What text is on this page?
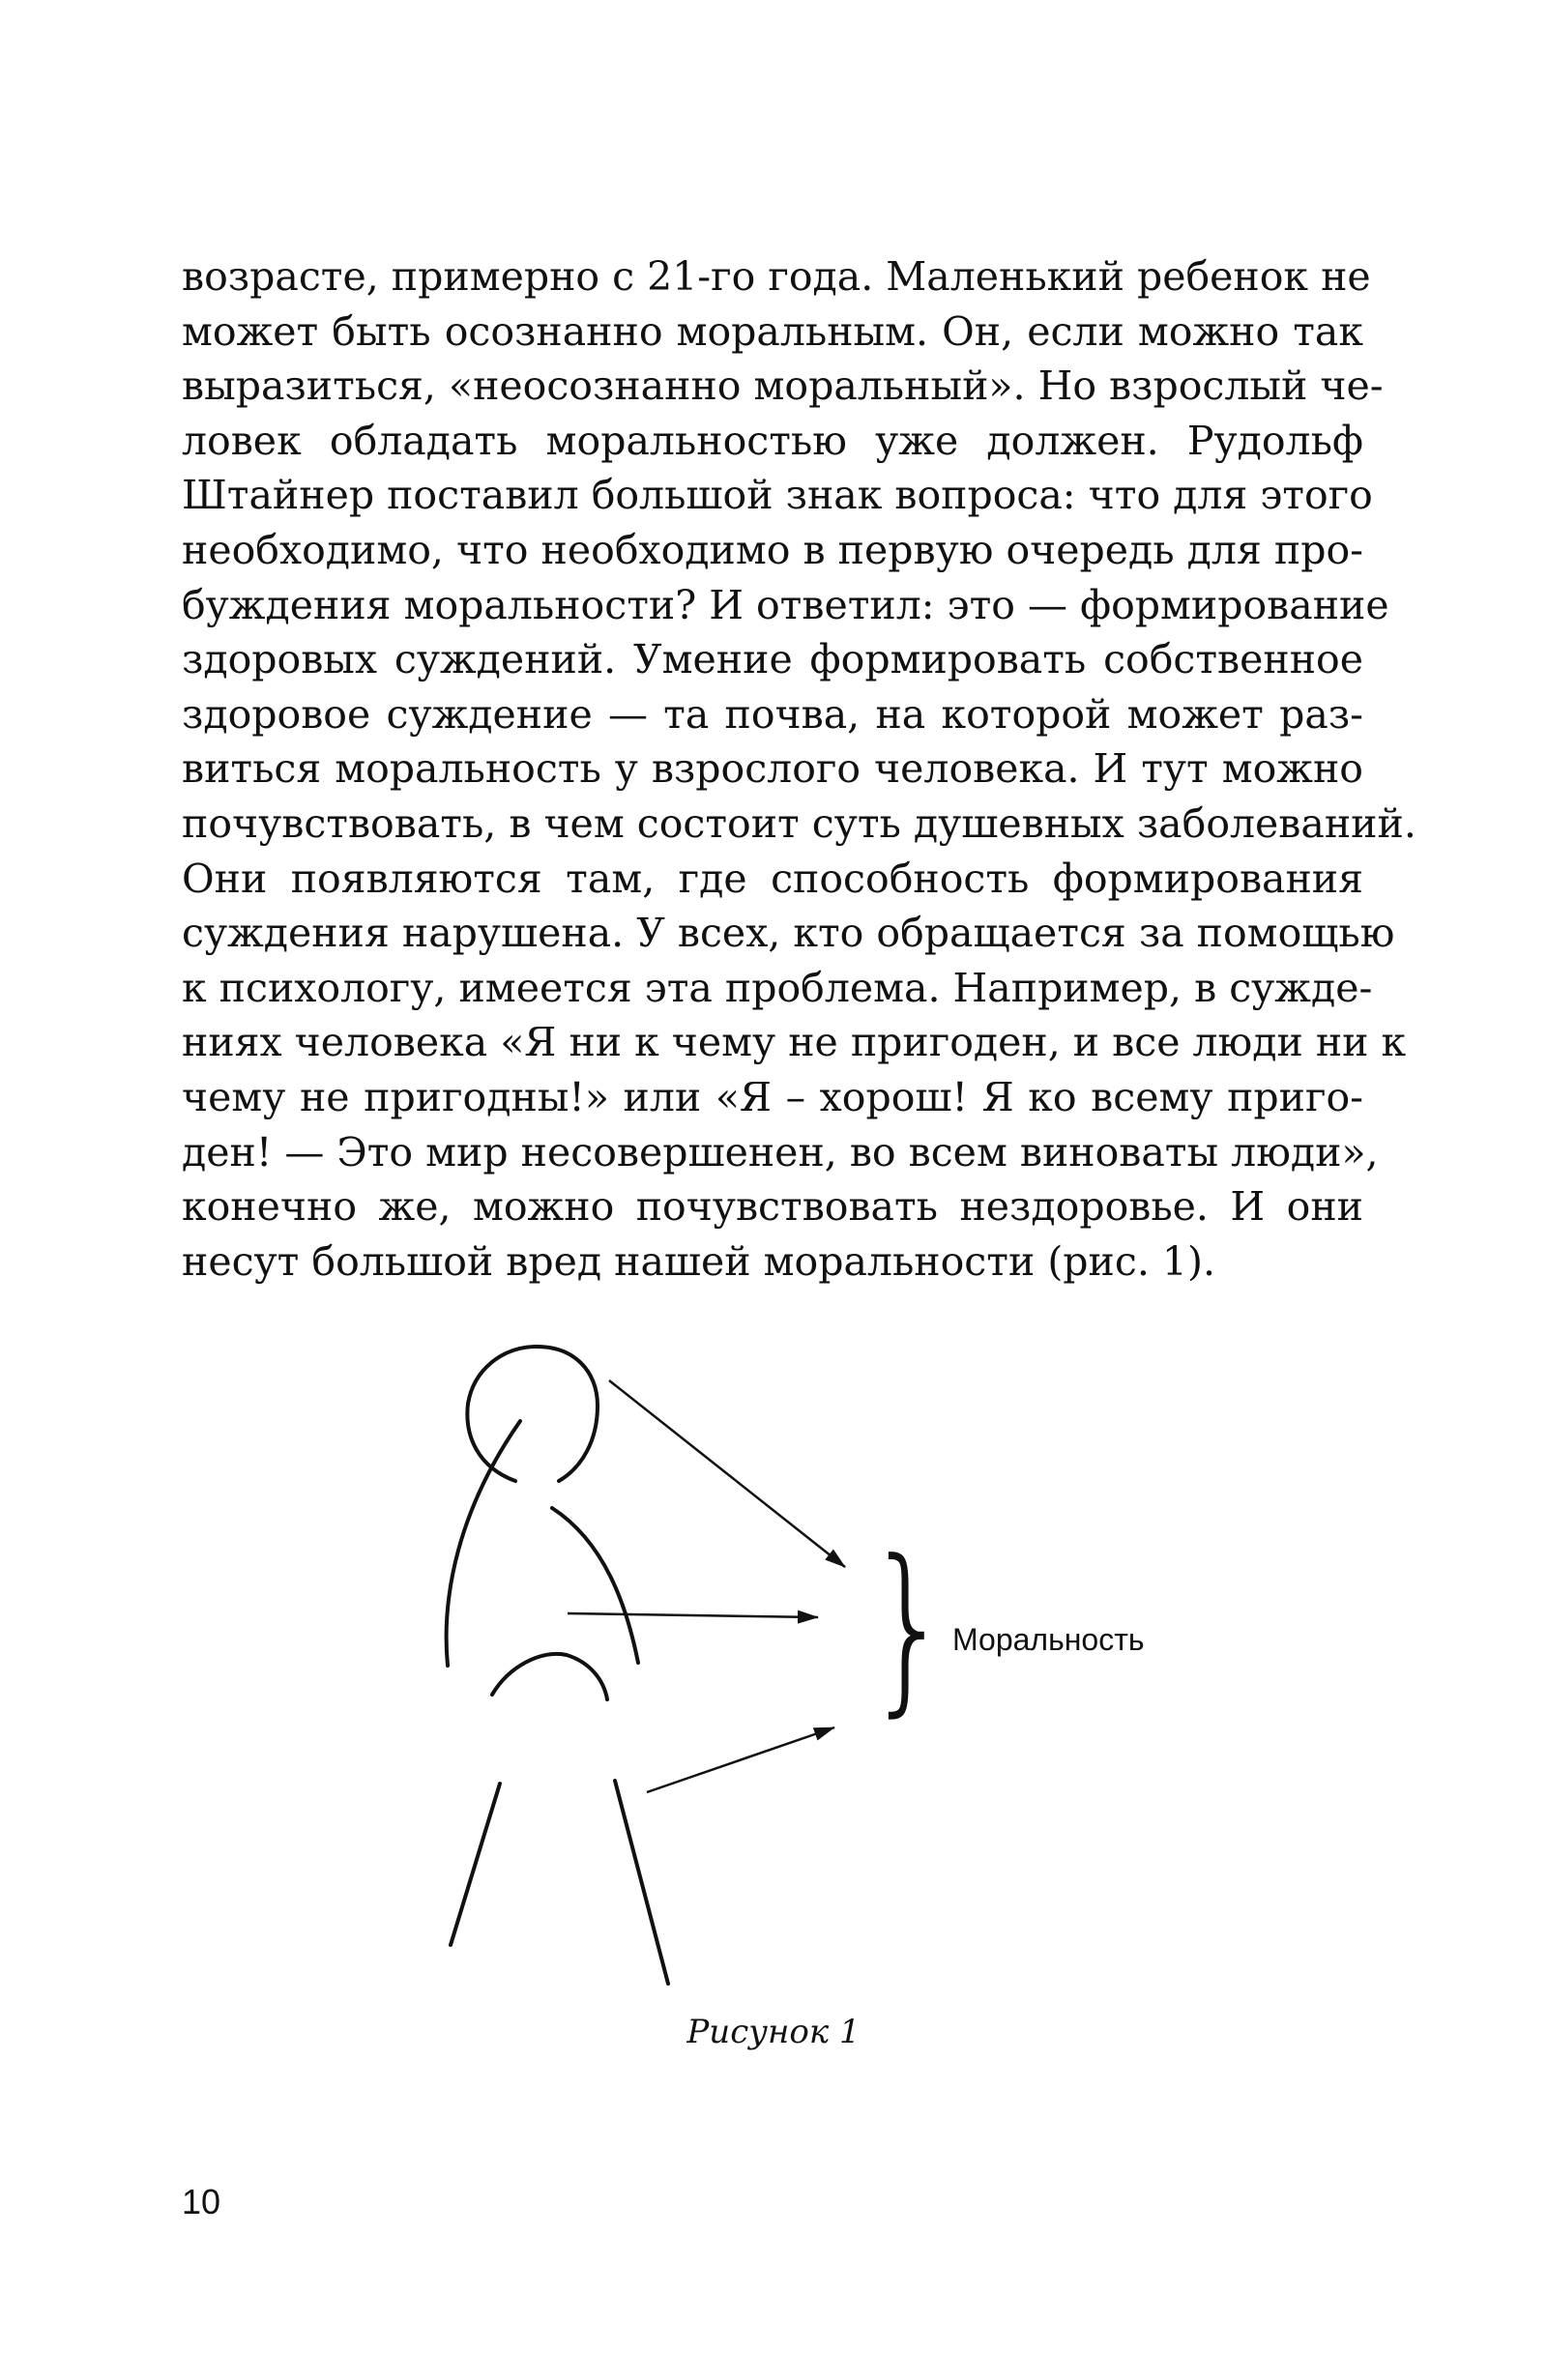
возрасте, примерно с 21-го года. Маленький ребенок не
может быть осознанно моральным. Он, если можно так
выразиться, «неосознанно моральный». Но взрослый че-
ловек обладать моральностью уже должен. Рудольф
Штайнер поставил большой знак вопроса: что для этого
необходимо, что необходимо в первую очередь для про-
буждения моральности? И ответил: это — формирование
здоровых суждений. Умение формировать собственное
здоровое суждение — та почва, на которой может раз-
виться моральность у взрослого человека. И тут можно
почувствовать, в чем состоит суть душевных заболеваний.
Они появляются там, где способность формирования
суждения нарушена. У всех, кто обращается за помощью
к психологу, имеется эта проблема. Например, в сужде-
ниях человека «Я ни к чему не пригоден, и все люди ни к
чему не пригодны!» или «Я – хорош! Я ко всему приго-
ден! — Это мир несовершенен, во всем виноваты люди»,
конечно же, можно почувствовать нездоровье. И они
несут большой вред нашей моральности (рис. 1).
} Моральность
Рисунок 1
10
